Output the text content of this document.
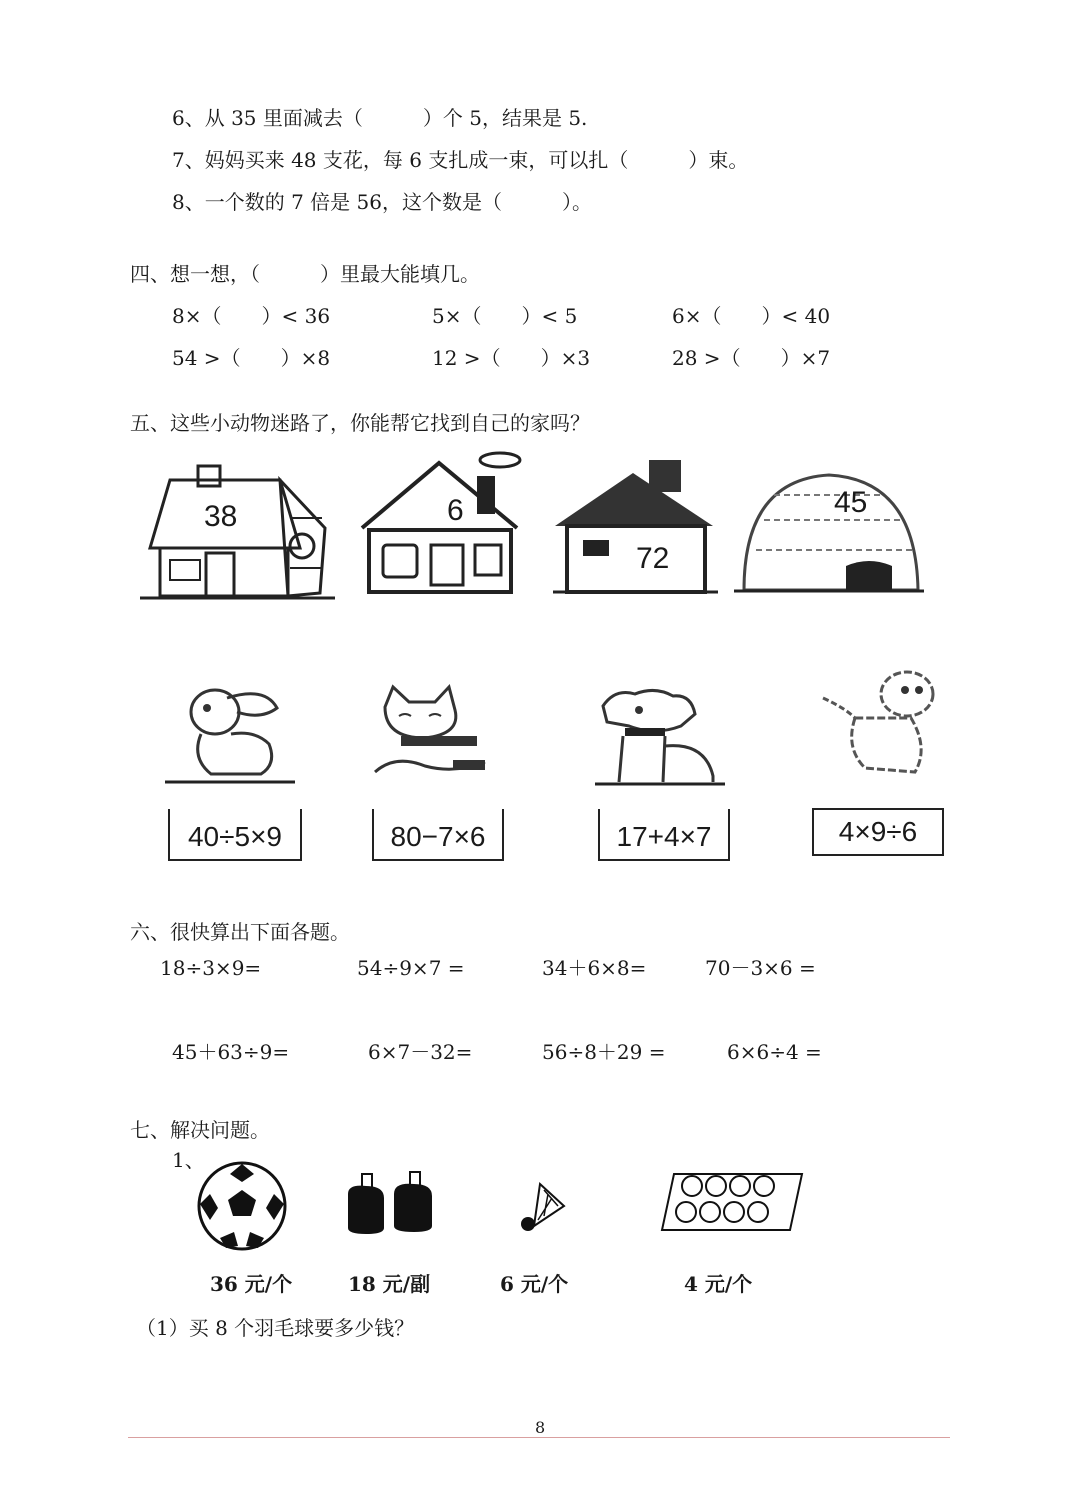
6、从 35 里面减去（　　　）个 5，结果是 5.
7、妈妈买来 48 支花，每 6 支扎成一束，可以扎（　　　）束。
8、一个数的 7 倍是 56，这个数是（　　　）。
四、想一想，（　　　）里最大能填几。
8×（　　）< 36	5×（　　）< 5	6×（　　）< 40
54 >（　　）×8	12 >（　　）×3	28 >（　　）×7
五、这些小动物迷路了，你能帮它找到自己的家吗？
38	6
72
45
40÷5×9	80−7×6	17+4×7	4×9÷6
六、很快算出下面各题。
18÷3×9=	54÷9×7 =	34＋6×8=	70－3×6 =
45＋63÷9=	6×7－32=	56÷8＋29 =	6×6÷4 =
七、解决问题。
1、
36 元/个	18 元/副	6 元/个	4 元/个
（1）买 8 个羽毛球要多少钱？
8
